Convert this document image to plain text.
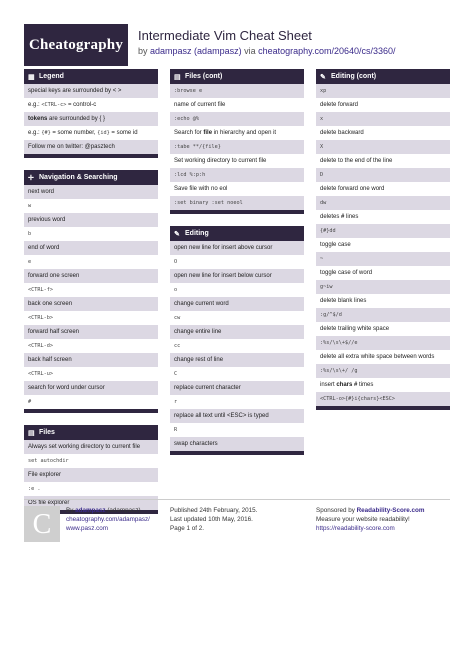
Cheatography
Intermediate Vim Cheat Sheet
by adampasz (adampasz) via cheatography.com/20640/cs/3360/
▦ Legend
special keys are surrounded by < >
e.g.: <CTRL-c> = control-c
tokens are surrounded by { }
e.g.: {#} = some number, {id} = some id
Follow me on twitter: @pasztech
✛ Navigation & Searching
next word
w
previous word
b
end of word
e
forward one screen
<CTRL-f>
back one screen
<CTRL-b>
forward half screen
<CTRL-d>
back half screen
<CTRL-u>
search for word under cursor
#
▤ Files
Always set working directory to current file
set autochdir
File explorer
:e .
OS file explorer
▤ Files (cont)
:browse e
name of current file
:echo @%
Search for file in hierarchy and open it
:tabe **/{file}
Set working directory to current file
:lcd %:p:h
Save file with no eol
:set binary :set noeol
✎ Editing
open new line for insert above cursor
O
open new line for insert below cursor
o
change current word
cw
change entire line
cc
change rest of line
C
replace current character
r
replace all text until <ESC> is typed
R
swap characters
✎ Editing (cont)
xp
delete forward
x
delete backward
X
delete to the end of the line
D
delete forward one word
dw
deletes # lines
{#}dd
toggle case
~
toggle case of word
g~iw
delete blank lines
:g/^$/d
delete trailing white space
:%s/\s\+$//e
delete all extra white space between words
:%s/\s\+/ /g
insert chars # times
<CTRL-o>{#}i{chars}<ESC>
C	By adampasz (adampasz)
cheatography.com/adampasz/
www.pasz.com
Published 24th February, 2015.
Last updated 10th May, 2016.
Page 1 of 2.
Sponsored by Readability-Score.com
Measure your website readability!
https://readability-score.com
